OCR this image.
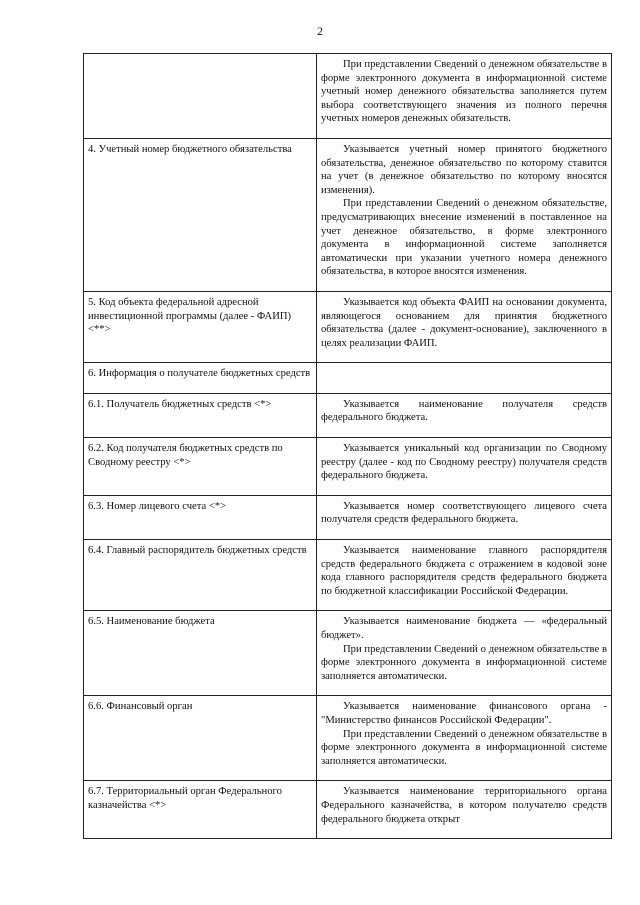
2

	При представлении Сведений о денежном обязательстве в форме электронного документа в информационной системе учетный номер денежного обязательства заполняется путем выбора соответствующего значения из полного перечня учетных номеров денежных обязательств.

4. Учетный номер бюджетного обязательства	Указывается учетный номер принятого бюджетного обязательства, денежное обязательство по которому ставится на учет (в денежное обязательство по которому вносятся изменения).

При представлении Сведений о денежном обязательстве, предусматривающих внесение изменений в поставленное на учет денежное обязательство, в форме электронного документа в информационной системе заполняется автоматически при указании учетного номера денежного обязательства, в которое вносятся изменения.

5. Код объекта федеральной адресной инвестиционной программы (далее - ФАИП) <**>	Указывается код объекта ФАИП на основании документа, являющегося основанием для принятия бюджетного обязательства (далее - документ-основание), заключенного в целях реализации ФАИП.

6. Информация о получателе бюджетных средств	
6.1. Получатель бюджетных средств <*>	Указывается наименование получателя средств федерального бюджета.

6.2. Код получателя бюджетных средств по Сводному реестру <*>	Указывается уникальный код организации по Сводному реестру (далее - код по Сводному реестру) получателя средств федерального бюджета.

6.3. Номер лицевого счета <*>	Указывается номер соответствующего лицевого счета получателя средств федерального бюджета.

6.4. Главный распорядитель бюджетных средств	Указывается наименование главного распорядителя средств федерального бюджета с отражением в кодовой зоне кода главного распорядителя средств федерального бюджета по бюджетной классификации Российской Федерации.

6.5. Наименование бюджета	Указывается наименование бюджета — «федеральный бюджет».

При представлении Сведений о денежном обязательстве в форме электронного документа в информационной системе заполняется автоматически.

6.6. Финансовый орган	Указывается наименование финансового органа - "Министерство финансов Российской Федерации".

При представлении Сведений о денежном обязательстве в форме электронного документа в информационной системе заполняется автоматически.

6.7. Территориальный орган Федерального казначейства <*>	Указывается наименование территориального органа Федерального казначейства, в котором получателю средств федерального бюджета открыт
